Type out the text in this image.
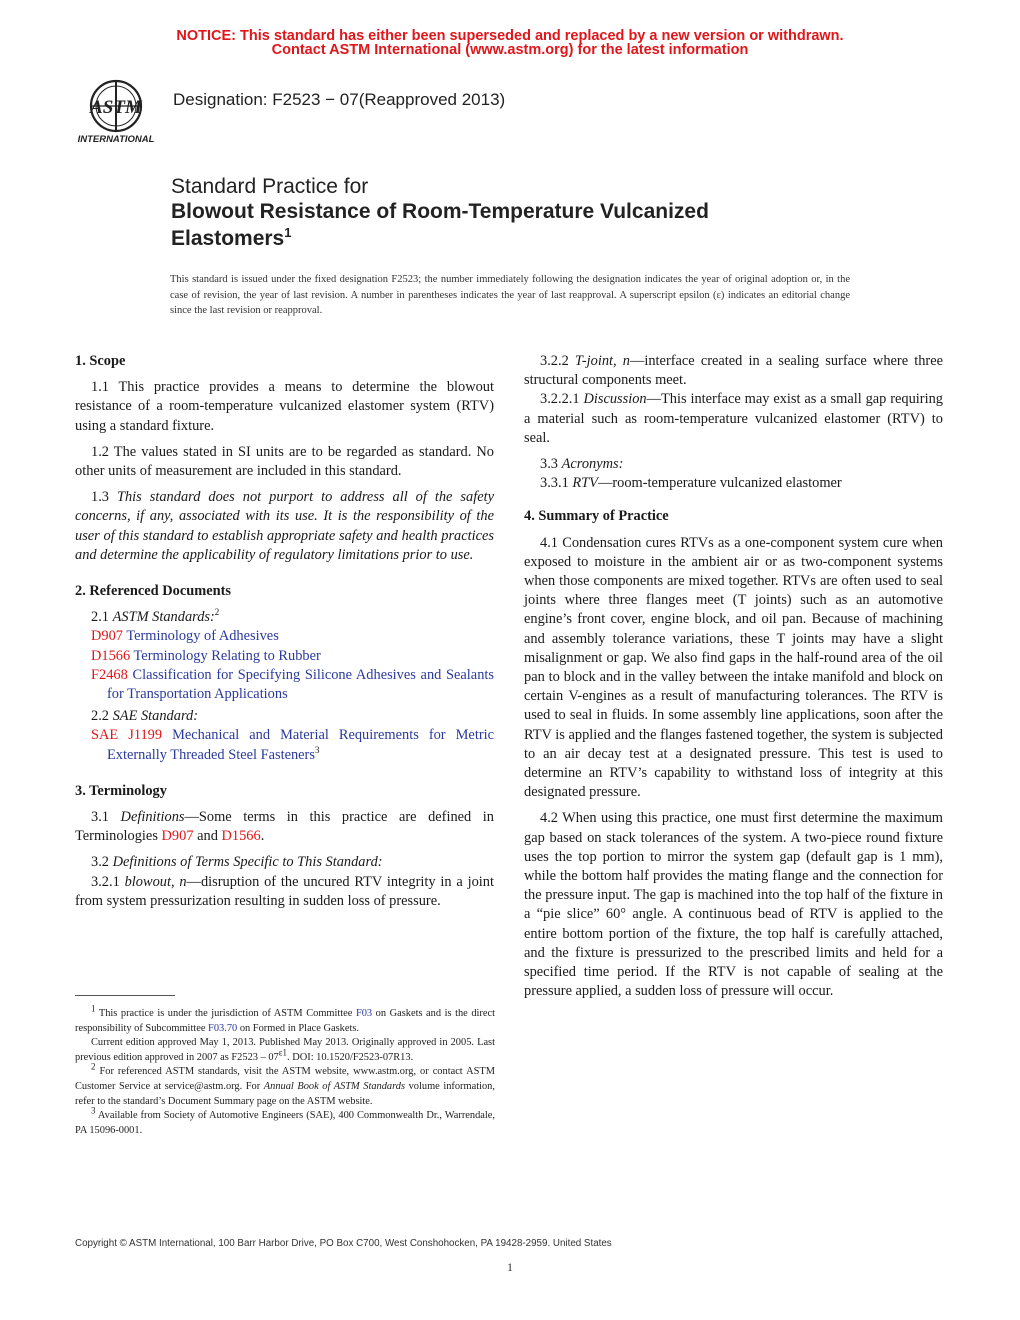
NOTICE: This standard has either been superseded and replaced by a new version or withdrawn.
Contact ASTM International (www.astm.org) for the latest information
ASTM
INTERNATIONAL
Designation: F2523 − 07(Reapproved 2013)
Standard Practice for
Blowout Resistance of Room-Temperature Vulcanized
Elastomers$^1$
This standard is issued under the fixed designation F2523; the number immediately following the designation indicates the year of original adoption or, in the case of revision, the year of last revision. A number in parentheses indicates the year of last reapproval. A superscript epsilon (ε) indicates an editorial change since the last revision or reapproval.

1. Scope

1.1 This practice provides a means to determine the blowout resistance of a room-temperature vulcanized elastomer system (RTV) using a standard fixture.

1.2 The values stated in SI units are to be regarded as standard. No other units of measurement are included in this standard.

1.3 This standard does not purport to address all of the safety concerns, if any, associated with its use. It is the responsibility of the user of this standard to establish appropriate safety and health practices and determine the applicability of regulatory limitations prior to use.

2. Referenced Documents

2.1 ASTM Standards:$^2$

D907 Terminology of Adhesives

D1566 Terminology Relating to Rubber

F2468 Classification for Specifying Silicone Adhesives and Sealants for Transportation Applications

2.2 SAE Standard:

SAE J1199 Mechanical and Material Requirements for Metric Externally Threaded Steel Fasteners$^3$

3. Terminology

3.1 Definitions—Some terms in this practice are defined in Terminologies D907 and D1566.

3.2 Definitions of Terms Specific to This Standard:

3.2.1 blowout, n—disruption of the uncured RTV integrity in a joint from system pressurization resulting in sudden loss of pressure.

$^1$ This practice is under the jurisdiction of ASTM Committee F03 on Gaskets and is the direct responsibility of Subcommittee F03.70 on Formed in Place Gaskets.

Current edition approved May 1, 2013. Published May 2013. Originally approved in 2005. Last previous edition approved in 2007 as $F2523 - 07^{\varepsilon 1}$. DOI: 10.1520/F2523-07R13.

$^2$ For referenced ASTM standards, visit the ASTM website, www.astm.org, or contact ASTM Customer Service at service@astm.org. For Annual Book of ASTM Standards volume information, refer to the standard’s Document Summary page on the ASTM website.

$^3$ Available from Society of Automotive Engineers (SAE), 400 Commonwealth Dr., Warrendale, PA 15096-0001.

3.2.2 T-joint, n—interface created in a sealing surface where three structural components meet.

3.2.2.1 Discussion—This interface may exist as a small gap requiring a material such as room-temperature vulcanized elastomer (RTV) to seal.

3.3 Acronyms:

3.3.1 RTV—room-temperature vulcanized elastomer

4. Summary of Practice

4.1 Condensation cures RTVs as a one-component system cure when exposed to moisture in the ambient air or as two-component systems when those components are mixed together. RTVs are often used to seal joints where three flanges meet (T joints) such as an automotive engine’s front cover, engine block, and oil pan. Because of machining and assembly tolerance variations, these T joints may have a slight misalignment or gap. We also find gaps in the half-round area of the oil pan to block and in the valley between the intake manifold and block on certain V-engines as a result of manufacturing tolerances. The RTV is used to seal in fluids. In some assembly line applications, soon after the RTV is applied and the flanges fastened together, the system is subjected to an air decay test at a designated pressure. This test is used to determine an RTV’s capability to withstand loss of integrity at this designated pressure.

4.2 When using this practice, one must first determine the maximum gap based on stack tolerances of the system. A two-piece round fixture uses the top portion to mirror the system gap (default gap is 1 mm), while the bottom half provides the mating flange and the connection for the pressure input. The gap is machined into the top half of the fixture in a “pie slice” 60° angle. A continuous bead of RTV is applied to the entire bottom portion of the fixture, the top half is carefully attached, and the fixture is pressurized to the prescribed limits and held for a specified time period. If the RTV is not capable of sealing at the pressure applied, a sudden loss of pressure will occur.

Copyright © ASTM International, 100 Barr Harbor Drive, PO Box C700, West Conshohocken, PA 19428-2959. United States
1
